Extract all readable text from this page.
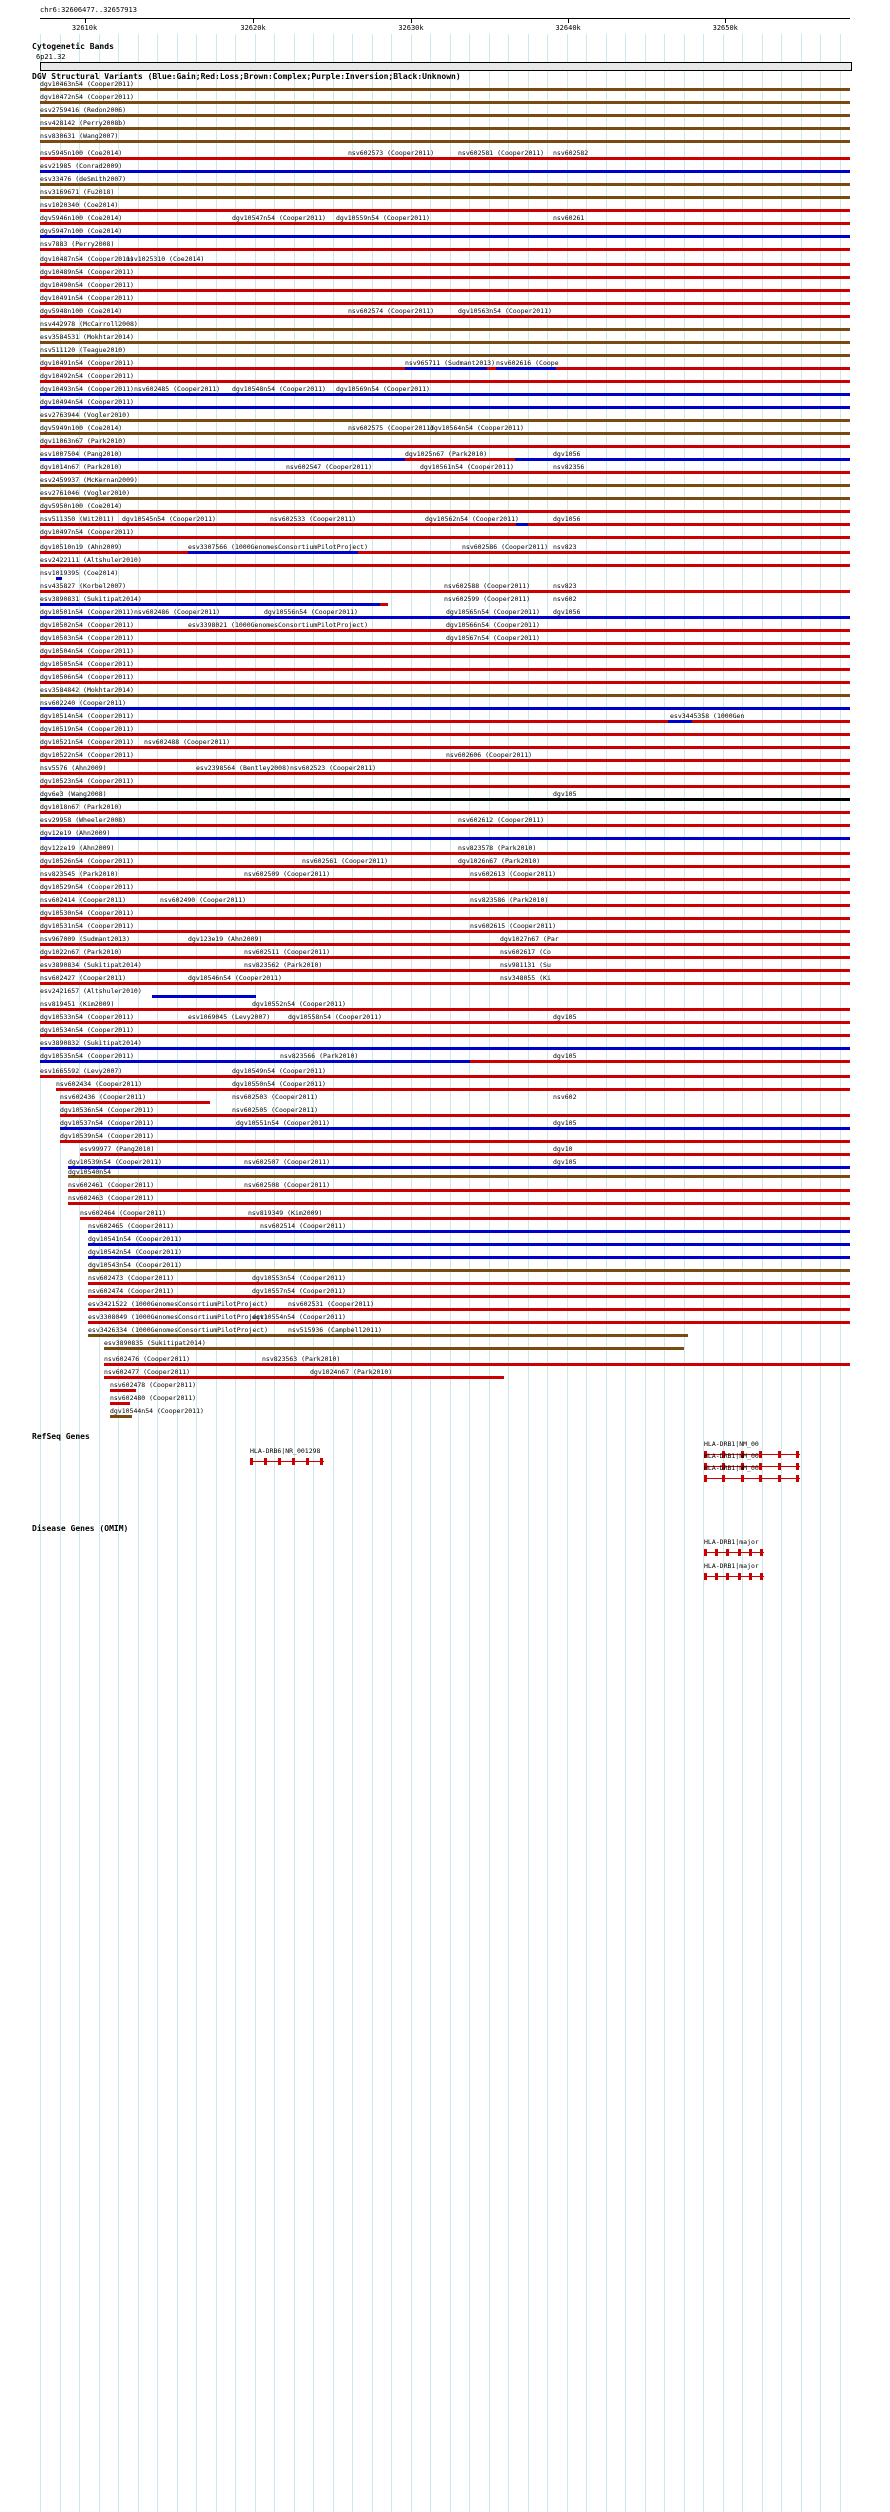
chr6:32606477..32657913
32610k	32620k	32630k	32640k	32650k
Cytogenetic Bands
6p21.32
DGV Structural Variants (Blue:Gain;Red:Loss;Brown:Complex;Purple:Inversion;Black:Unknown)
dgv10463n54 (Cooper2011)
dgv10472n54 (Cooper2011)
esv2759416 (Redon2006)
nsv428142 (Perry2008b)
nsv830631 (Wang2007)
nsv5945n100 (Coe2014)	nsv602573 (Cooper2011)	nsv602581 (Cooper2011) nsv602582
esv21985 (Conrad2009)
esv33476 (deSmith2007)
nsv3169671 (Fu2018)
nsv1020340 (Coe2014)
dgv5946n100 (Coe2014)	dgv10547n54 (Cooper2011) dgv10559n54 (Cooper2011)	nsv60261
dgv5947n100 (Coe2014)
nsv7883 (Perry2008)
dgv10487n54 (Cooper2011)
nsv1025310 (Coe2014)
dgv10489n54 (Cooper2011)
dgv10490n54 (Cooper2011)
dgv10491n54 (Cooper2011)
dgv5948n100 (Coe2014)	nsv602574 (Cooper2011)	dgv10563n54 (Cooper2011)
nsv442978 (McCarroll2008)
esv3584531 (Mokhtar2014)
nsv511120 (Teague2010)
dgv10491n54 (Cooper2011)	nsv965711 (Sudmant2013) nsv602616 (Coope
dgv10492n54 (Cooper2011)
dgv10493n54 (Cooper2011) nsv602485 (Cooper2011) dgv10548n54 (Cooper2011) dgv10569n54 (Cooper2011)
dgv10494n54 (Cooper2011)
esv2763944 (Vogler2010)
dgv5949n100 (Coe2014)	nsv602575 (Cooper2011)
dgv10564n54 (Cooper2011)
dgv11063n67 (Park2010)
esv1007504 (Pang2010)	dgv1025n67 (Park2010)	dgv1056
dgv1014n67 (Park2010)	nsv602547 (Cooper2011)	dgv10561n54 (Cooper2011)	nsv82356
esv2459937 (McKernan2009)
esv2761046 (Vogler2010)
dgv5950n100 (Coe2014)
nsv511350 (Wit2011) dgv10545n54 (Cooper2011)	nsv602533 (Cooper2011)	dgv10562n54 (Cooper2011)	dgv1056
dgv10497n54 (Cooper2011)
dgv10510n19 (Ahn2009)	esv3307566 (1000GenomesConsortiumPilotProject)	nsv602586 (Cooper2011) nsv823
esv2422111 (Altshuler2010)
nsv1019395 (Coe2014)
nsv435827 (Korbel2007)	nsv602588 (Cooper2011)	nsv823
esv3890831 (Sukitipat2014)	nsv602599 (Cooper2011)	nsv602
dgv10501n54 (Cooper2011) nsv602486 (Cooper2011)	dgv10556n54 (Cooper2011)	dgv10565n54 (Cooper2011) dgv1056
dgv10502n54 (Cooper2011)	esv3398021 (1000GenomesConsortiumPilotProject)	dgv10566n54 (Cooper2011)
dgv10503n54 (Cooper2011)	dgv10567n54 (Cooper2011)
dgv10504n54 (Cooper2011)
dgv10505n54 (Cooper2011)
dgv10506n54 (Cooper2011)
esv3584842 (Mokhtar2014)
nsv602240 (Cooper2011)
dgv10514n54 (Cooper2011)	esv3445358 (1000Gen
dgv10519n54 (Cooper2011)
dgv10521n54 (Cooper2011) nsv602488 (Cooper2011)
dgv10522n54 (Cooper2011)	nsv602606 (Cooper2011)
nsv5576 (Ahn2009)	esv2398564 (Bentley2008) nsv602523 (Cooper2011)
dgv10523n54 (Cooper2011)
dgv6e3 (Wang2008)	dgv105
dgv1018n67 (Park2010)
esv29958 (Wheeler2008)	nsv602612 (Cooper2011)
dgv12e19 (Ahn2009)
dgv12ze19 (Ahn2009)	nsv823578 (Park2010)
dgv10526n54 (Cooper2011)	nsv602561 (Cooper2011)	dgv1026n67 (Park2010)
nsv823545 (Park2010)	nsv602509 (Cooper2011)	nsv602613 (Cooper2011)
dgv10529n54 (Cooper2011)
nsv602414 (Cooper2011)	nsv602490 (Cooper2011)	nsv823586 (Park2010)
dgv10530n54 (Cooper2011)
dgv10531n54 (Cooper2011)	nsv602615 (Cooper2011)
nsv967009 (Sudmant2013)	dgv123e19 (Ahn2009)	dgv1027n67 (Par
dgv1022n67 (Park2010)	nsv602511 (Cooper2011)	nsv602617 (Co
esv3890834 (Sukitipat2014)	nsv823562 (Park2010)	nsv981131 (Su
nsv602427 (Cooper2011)	dgv10546n54 (Cooper2011)	nsv348055 (Ki
esv2421657 (Altshuler2010)
nsv819451 (Kim2009)	dgv10552n54 (Cooper2011)
dgv10533n54 (Cooper2011)	esv1069045 (Levy2007)	dgv10558n54 (Cooper2011)	dgv105
dgv10534n54 (Cooper2011)
esv3890832 (Sukitipat2014)
dgv10535n54 (Cooper2011)	nsv823566 (Park2010)	dgv105
esv1665592 (Levy2007)	dgv10549n54 (Cooper2011)
nsv602434 (Cooper2011)	dgv10550n54 (Cooper2011)
nsv602436 (Cooper2011)	nsv602503 (Cooper2011)	nsv602
dgv10536n54 (Cooper2011)	nsv602505 (Cooper2011)
dgv10537n54 (Cooper2011)	dgv10551n54 (Cooper2011)	dgv105
dgv10539n54 (Cooper2011)
esv99977 (Pang2010)	dgv10
dgv10539n54 (Cooper2011)	nsv602507 (Cooper2011)	dgv105
dgv10540n54
nsv602461 (Cooper2011)	nsv602508 (Cooper2011)
nsv602463 (Cooper2011)
nsv602464 (Cooper2011)	nsv819349 (Kim2009)
nsv602465 (Cooper2011)	nsv602514 (Cooper2011)
dgv10541n54 (Cooper2011)
dgv10542n54 (Cooper2011)
dgv10543n54 (Cooper2011)
nsv602473 (Cooper2011)	dgv10553n54 (Cooper2011)
nsv602474 (Cooper2011)	dgv10557n54 (Cooper2011)
esv3421522 (1000GenomesConsortiumPilotProject)	nsv602531 (Cooper2011)
esv3308049 (1000GenomesConsortiumPilotProject)
dgv10554n54 (Cooper2011)
esv3426334 (1000GenomesConsortiumPilotProject)	nsv515936 (Campbell2011)
esv3890835 (Sukitipat2014)
nsv602476 (Cooper2011)	nsv823563 (Park2010)
nsv602477 (Cooper2011)	dgv1024n67 (Park2010)
nsv602478 (Cooper2011)
nsv602480 (Cooper2011)
dgv10544n54 (Cooper2011)
RefSeq Genes
HLA-DRB6|NR_001298
HLA-DRB1|NM_00
HLA-DRB1|NM_00
HLA-DRB1|NM_00
Disease Genes (OMIM)
HLA-DRB1|major
HLA-DRB1|major
